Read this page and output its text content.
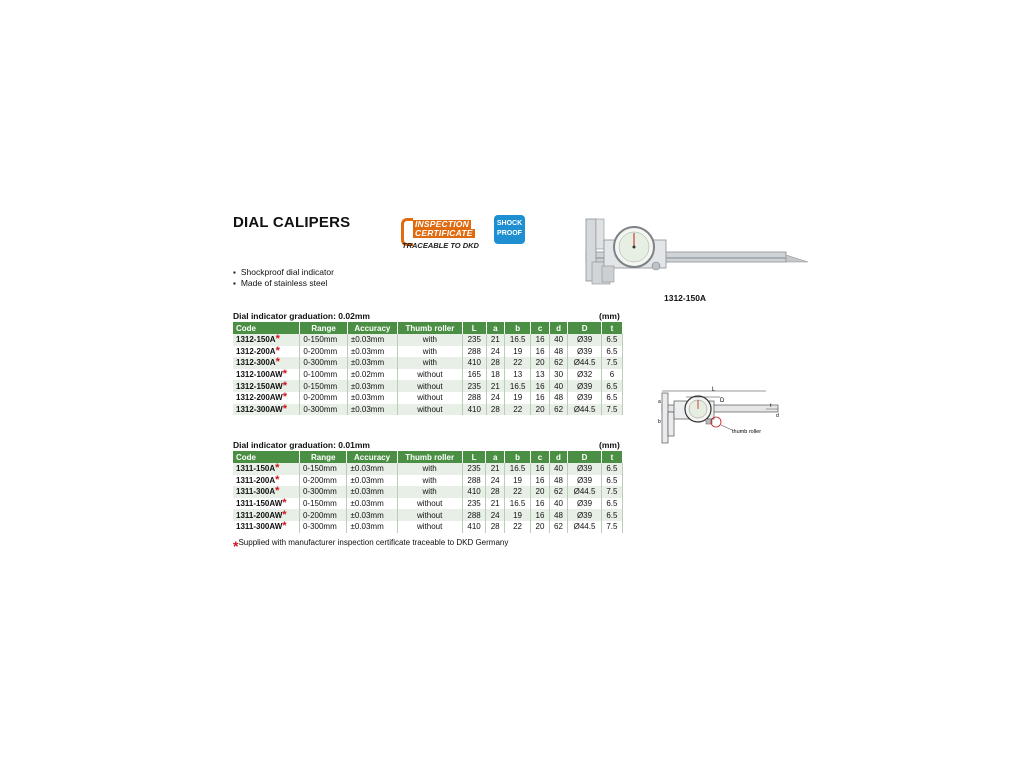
DIAL CALIPERS	INSPECTION
CERTIFICATE
TRACEABLE TO DKD
SHOCK
PROOF
▪ Shockproof dial indicator
▪ Made of stainless steel
1312-150A
L
D
a
b
t
d
thumb roller
Dial indicator graduation: 0.02mm	(mm)
Code	Range	Accuracy	Thumb roller	L	a	b	c	d	D	t
1312-150A*	0-150mm	±0.03mm	with	235	21	16.5	16	40	Ø39	6.5
1312-200A*	0-200mm	±0.03mm	with	288	24	19	16	48	Ø39	6.5
1312-300A*	0-300mm	±0.03mm	with	410	28	22	20	62	Ø44.5	7.5
1312-100AW*	0-100mm	±0.02mm	without	165	18	13	13	30	Ø32	6
1312-150AW*	0-150mm	±0.03mm	without	235	21	16.5	16	40	Ø39	6.5
1312-200AW*	0-200mm	±0.03mm	without	288	24	19	16	48	Ø39	6.5
1312-300AW*	0-300mm	±0.03mm	without	410	28	22	20	62	Ø44.5	7.5
Dial indicator graduation: 0.01mm	(mm)
Code	Range	Accuracy	Thumb roller	L	a	b	c	d	D	t
1311-150A*	0-150mm	±0.03mm	with	235	21	16.5	16	40	Ø39	6.5
1311-200A*	0-200mm	±0.03mm	with	288	24	19	16	48	Ø39	6.5
1311-300A*	0-300mm	±0.03mm	with	410	28	22	20	62	Ø44.5	7.5
1311-150AW*	0-150mm	±0.03mm	without	235	21	16.5	16	40	Ø39	6.5
1311-200AW*	0-200mm	±0.03mm	without	288	24	19	16	48	Ø39	6.5
1311-300AW*	0-300mm	±0.03mm	without	410	28	22	20	62	Ø44.5	7.5
*Supplied with manufacturer inspection certificate traceable to DKD Germany
